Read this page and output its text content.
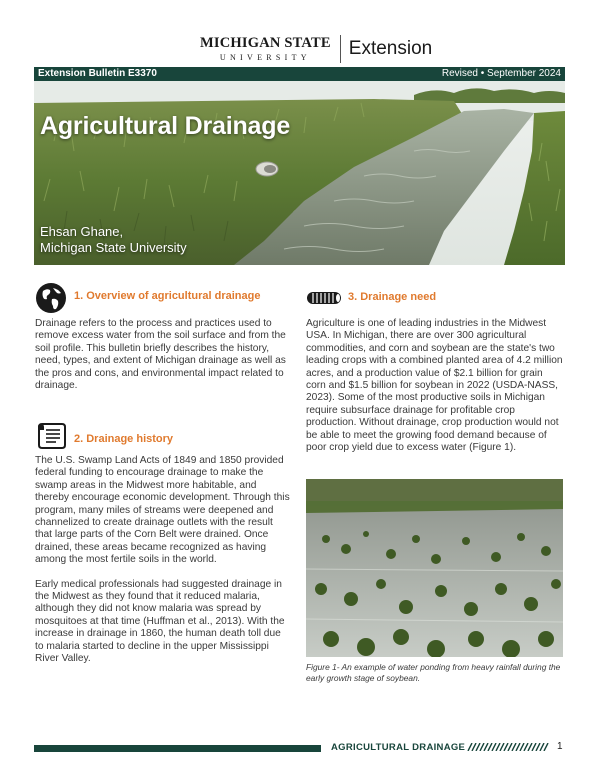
MICHIGAN STATE
UNIVERSITY Extension
Extension Bulletin E3370	Revised • September 2024
Agricultural Drainage
Ehsan Ghane,
Michigan State University
1. Overview of agricultural drainage

Drainage refers to the process and practices used to remove excess water from the soil surface and from the soil profile. This bulletin briefly describes the history, need, types, and extent of Michigan drainage as well as the pros and cons, and environmental impact related to drainage.

2. Drainage history

The U.S. Swamp Land Acts of 1849 and 1850 provided federal funding to encourage drainage to make the swamp areas in the Midwest more habitable, and thereby encourage economic development. Through this program, many miles of streams were deepened and channelized to create drainage outlets with the result that large parts of the Corn Belt were drained. Once drained, these areas became recognized as having among the most fertile soils in the world.

Early medical professionals had suggested drainage in the Midwest as they found that it reduced malaria, although they did not know malaria was spread by mosquitoes at that time (Huffman et al., 2013). With the increase in drainage in 1860, the human death toll due to malaria started to decline in the upper Mississippi River Valley.

3. Drainage need

Agriculture is one of leading industries in the Midwest USA. In Michigan, there are over 300 agricultural commodities, and corn and soybean are the state's two leading crops with a combined planted area of 4.2 million acres, and a production value of $2.1 billion for grain corn and $1.5 billion for soybean in 2022 (USDA-NASS, 2023). Some of the most productive soils in Michigan require subsurface drainage for profitable crop production. Without drainage, crop production would not be able to meet the growing food demand because of poor crop yield due to excess water (Figure 1).

Figure 1- An example of water ponding from heavy rainfall during the early growth stage of soybean.
AGRICULTURAL DRAINAGE	1
